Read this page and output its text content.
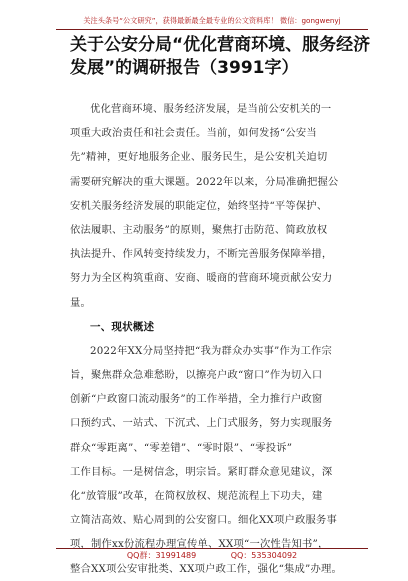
关注头条号“公文研究”，获得最新最全最专业的公文资料库！ 微信：gongwenyj
关于公安分局“优化营商环境、服务经济
发展”的调研报告（3991字）
优化营商环境、服务经济发展，是当前公安机关的一
项重大政治责任和社会责任。当前，如何发扬“公安当
先”精神，更好地服务企业、服务民生，是公安机关迫切
需要研究解决的重大课题。2022年以来，分局准确把握公
安机关服务经济发展的职能定位，始终坚持“平等保护、
依法履职、主动服务”的原则，聚焦打击防范、简政放权
执法提升、作风转变持续发力，不断完善服务保障举措，
努力为全区构筑重商、安商、暖商的营商环境贡献公安力
量。
一、现状概述
2022年XX分局坚持把“我为群众办实事”作为工作宗
旨，聚焦群众急难愁盼，以擦亮户政“窗口”作为切入口
创新“户政窗口流动服务”的工作举措，全力推行户政窗
口预约式、一站式、下沉式、上门式服务，努力实现服务
群众“零距离”、“零差错”、“零时限”、“零投诉”
工作目标。一是树信念，明宗旨。紧盯群众意见建议，深
化“放管服”改革，在简权放权、规范流程上下功夫，建
立简洁高效、贴心周到的公安窗口。细化XX项户政服务事
项，制作xx份流程办理宣传单、XX项“一次性告知书”，
整合XX项公安审批类、XX项户政工作，强化“集成”办理。
QQ群：31991489	QQ：535304092
